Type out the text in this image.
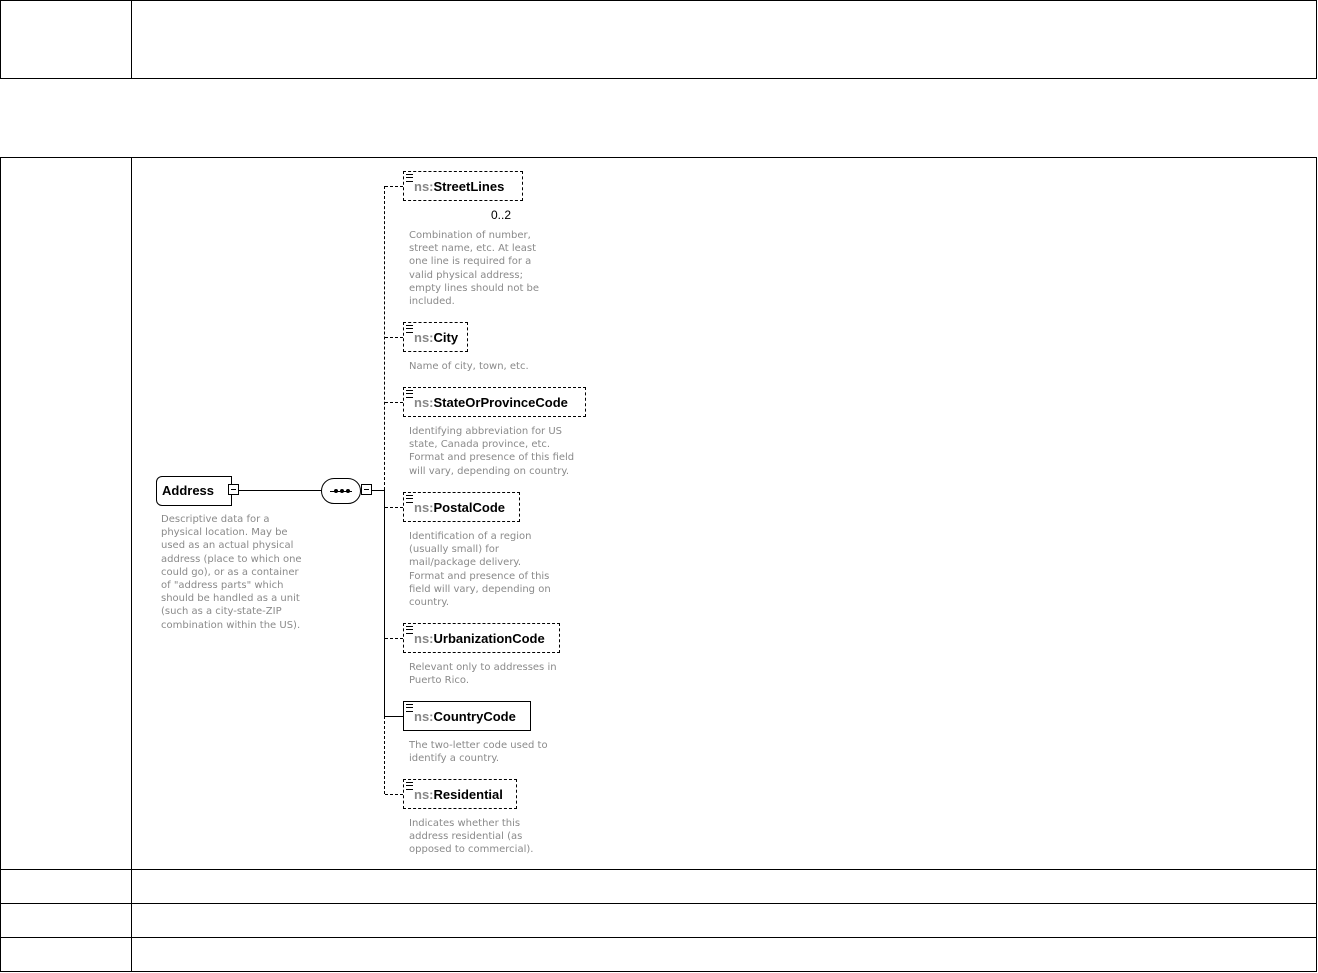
ns:StreetLines
0..2
Combination of number,
street name, etc. At least
one line is required for a
valid physical address;
empty lines should not be
included.
ns:City
Name of city, town, etc.
ns:StateOrProvinceCode
Identifying abbreviation for US
state, Canada province, etc.
Format and presence of this field
will vary, depending on country.
ns:PostalCode
Identification of a region
(usually small) for
mail/package delivery.
Format and presence of this
field will vary, depending on
country.
ns:UrbanizationCode
Relevant only to addresses in
Puerto Rico.
ns:CountryCode
The two-letter code used to
identify a country.
ns:Residential
Indicates whether this
address residential (as
opposed to commercial).
Address
Descriptive data for a
physical location. May be
used as an actual physical
address (place to which one
could go), or as a container
of "address parts" which
should be handled as a unit
(such as a city-state-ZIP
combination within the US).
